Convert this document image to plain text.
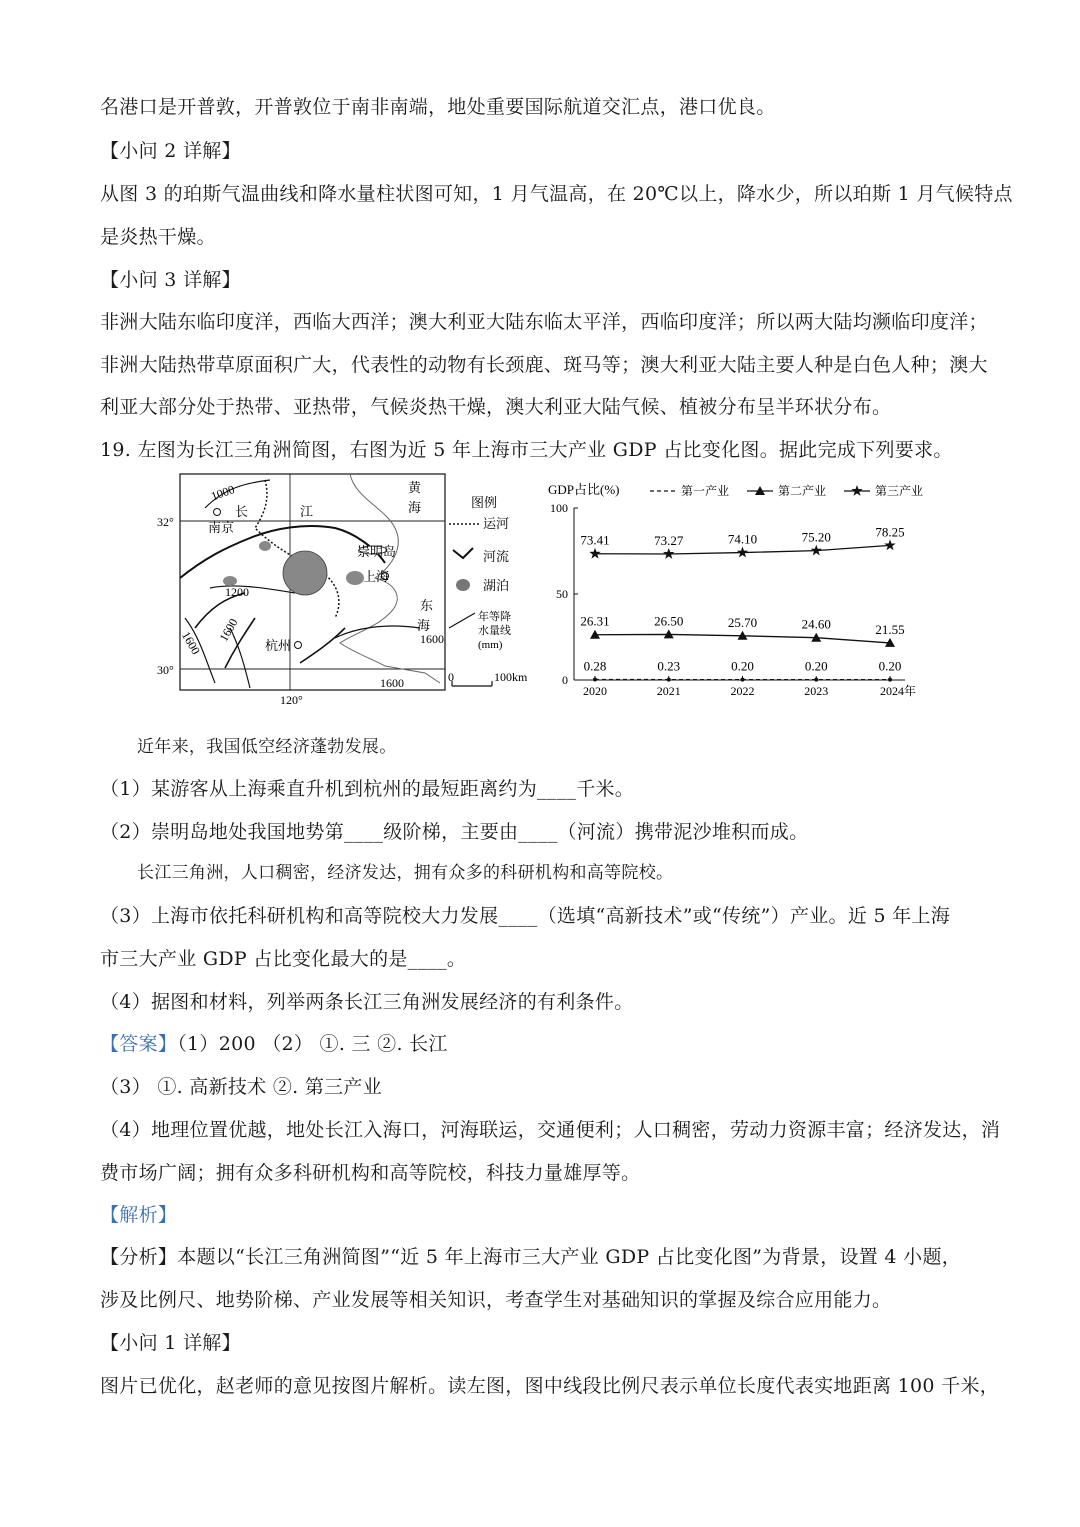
名港口是开普敦，开普敦位于南非南端，地处重要国际航道交汇点，港口优良。
【小问 2 详解】
从图 3 的珀斯气温曲线和降水量柱状图可知，1 月气温高，在 20℃以上，降水少，所以珀斯 1 月气候特点
是炎热干燥。
【小问 3 详解】
非洲大陆东临印度洋，西临大西洋；澳大利亚大陆东临太平洋，西临印度洋；所以两大陆均濒临印度洋；
非洲大陆热带草原面积广大，代表性的动物有长颈鹿、斑马等；澳大利亚大陆主要人种是白色人种；澳大
利亚大部分处于热带、亚热带，气候炎热干燥，澳大利亚大陆气候、植被分布呈半环状分布。
19. 左图为长江三角洲简图，右图为近 5 年上海市三大产业 GDP 占比变化图。据此完成下列要求。
32°
30°
120°
南京
长	江
黄
海
崇明岛
上海
东
海
杭州
1000
1200
1600 1600	1600
1600
图例
运河
河流
湖泊
年等降
水量线
(mm)
0	100km
GDP占比(%)
0
50
100
2020	2021	2022	2023	2024年
第一产业	第二产业	第三产业
0.28	0.23	0.20	0.20	0.20
26.31	26.50	25.70	24.60	21.55
73.41	73.27	74.10	75.20	78.25
近年来，我国低空经济蓬勃发展。
（1）某游客从上海乘直升机到杭州的最短距离约为____千米。
（2）崇明岛地处我国地势第____级阶梯，主要由____（河流）携带泥沙堆积而成。
长江三角洲，人口稠密，经济发达，拥有众多的科研机构和高等院校。
（3）上海市依托科研机构和高等院校大力发展____（选填“高新技术”或“传统”）产业。近 5 年上海
市三大产业 GDP 占比变化最大的是____。
（4）据图和材料，列举两条长江三角洲发展经济的有利条件。
【答案】（1）200 （2） ①. 三 ②. 长江
（3） ①. 高新技术 ②. 第三产业
（4）地理位置优越，地处长江入海口，河海联运，交通便利；人口稠密，劳动力资源丰富；经济发达，消
费市场广阔；拥有众多科研机构和高等院校，科技力量雄厚等。
【解析】
【分析】本题以“长江三角洲简图”“近 5 年上海市三大产业 GDP 占比变化图”为背景，设置 4 小题，
涉及比例尺、地势阶梯、产业发展等相关知识，考查学生对基础知识的掌握及综合应用能力。
【小问 1 详解】
图片已优化，赵老师的意见按图片解析。读左图，图中线段比例尺表示单位长度代表实地距离 100 千米，
